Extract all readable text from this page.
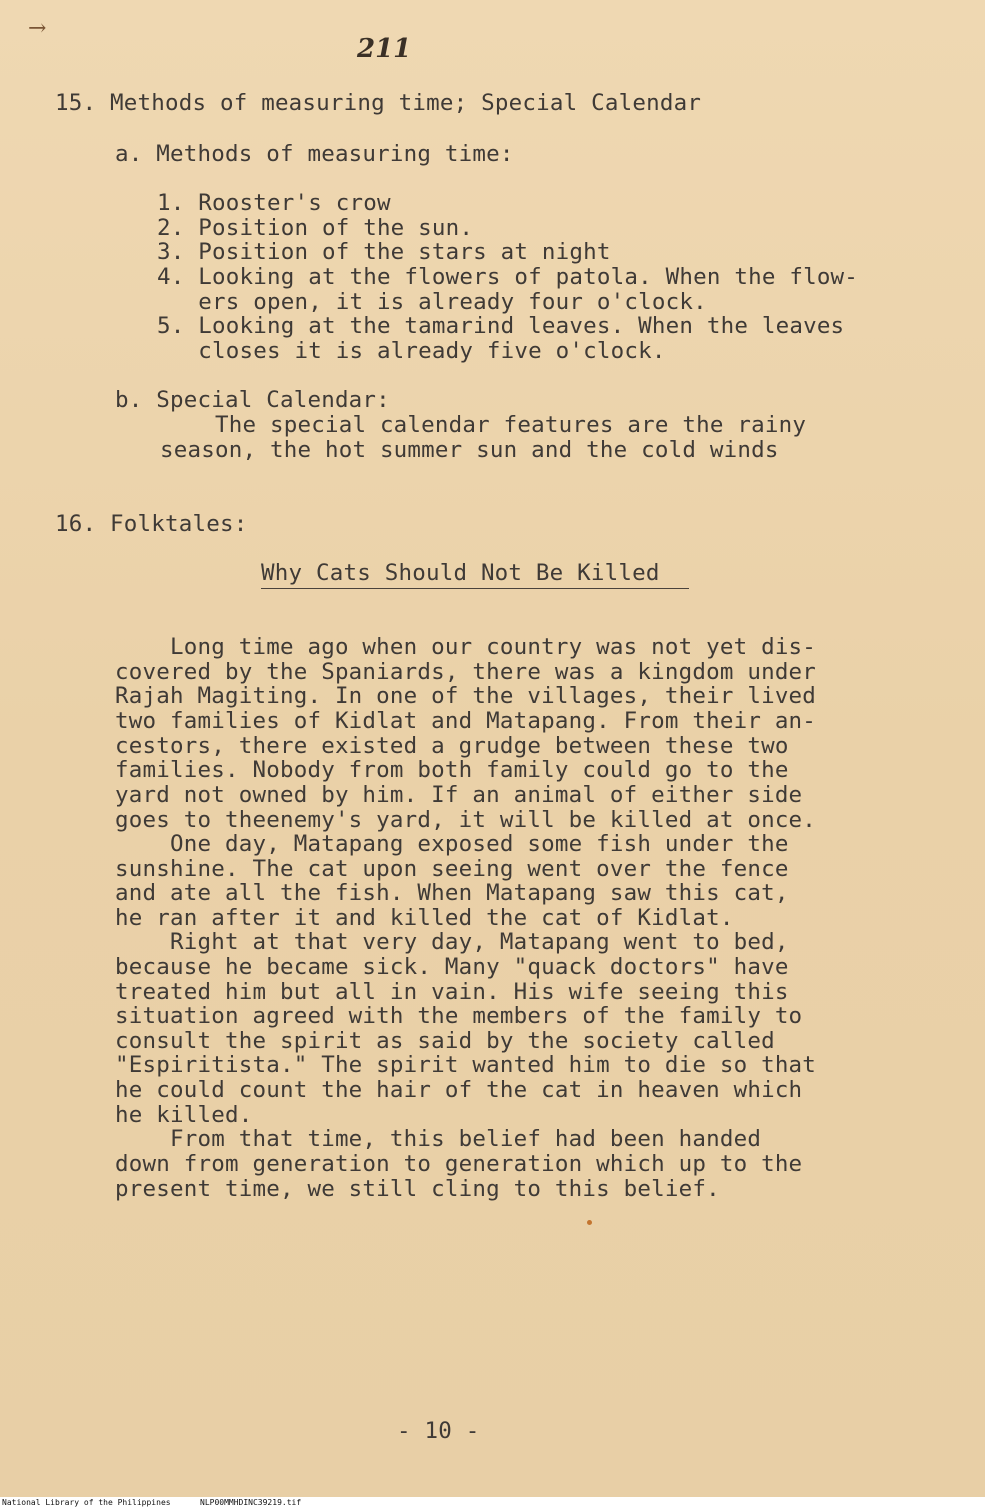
→
211
15. Methods of measuring time; Special Calendar
a. Methods of measuring time:
1. Rooster's crow
2. Position of the sun.
3. Position of the stars at night
4. Looking at the flowers of patola. When the flow-
ers open, it is already four o'clock.
5. Looking at the tamarind leaves. When the leaves
closes it is already five o'clock.
b. Special Calendar:
The special calendar features are the rainy
season, the hot summer sun and the cold winds
16. Folktales:
Why Cats Should Not Be Killed
Long time ago when our country was not yet dis-
covered by the Spaniards, there was a kingdom under
Rajah Magiting. In one of the villages, their lived
two families of Kidlat and Matapang. From their an-
cestors, there existed a grudge between these two
families. Nobody from both family could go to the
yard not owned by him. If an animal of either side
goes to theenemy's yard, it will be killed at once.
One day, Matapang exposed some fish under the
sunshine. The cat upon seeing went over the fence
and ate all the fish. When Matapang saw this cat,
he ran after it and killed the cat of Kidlat.
Right at that very day, Matapang went to bed,
because he became sick. Many "quack doctors" have
treated him but all in vain. His wife seeing this
situation agreed with the members of the family to
consult the spirit as said by the society called
"Espiritista." The spirit wanted him to die so that
he could count the hair of the cat in heaven which
he killed.
From that time, this belief had been handed
down from generation to generation which up to the
present time, we still cling to this belief.
- 10 -
National Library of the Philippines	NLP00MMHDINC39219.tif
